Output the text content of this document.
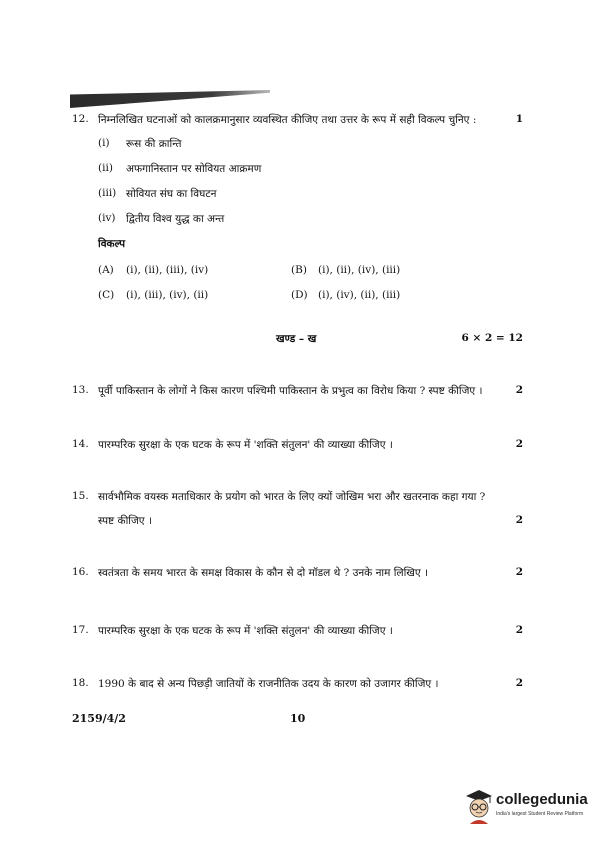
12. निम्नलिखित घटनाओं को कालक्रमानुसार व्यवस्थित कीजिए तथा उत्तर के रूप में सही विकल्प चुनिए :	1
(i) रूस की क्रान्ति
(ii) अफगानिस्तान पर सोवियत आक्रमण
(iii) सोवियत संघ का विघटन
(iv) द्वितीय विश्व युद्ध का अन्त
विकल्प
(A) (i), (ii), (iii), (iv)	(B) (i), (ii), (iv), (iii)
(C) (i), (iii), (iv), (ii)	(D) (i), (iv), (ii), (iii)
खण्ड – ख	6 × 2 = 12
13. पूर्वी पाकिस्तान के लोगों ने किस कारण पश्चिमी पाकिस्तान के प्रभुत्व का विरोध किया ? स्पष्ट कीजिए ।	2
14. पारम्परिक सुरक्षा के एक घटक के रूप में 'शक्ति संतुलन' की व्याख्या कीजिए ।	2
15. सार्वभौमिक वयस्क मताधिकार के प्रयोग को भारत के लिए क्यों जोखिम भरा और खतरनाक कहा गया ?
स्पष्ट कीजिए ।	2
16. स्वतंत्रता के समय भारत के समक्ष विकास के कौन से दो मॉडल थे ? उनके नाम लिखिए ।	2
17. पारम्परिक सुरक्षा के एक घटक के रूप में 'शक्ति संतुलन' की व्याख्या कीजिए ।	2
18. 1990 के बाद से अन्य पिछड़ी जातियों के राजनीतिक उदय के कारण को उजागर कीजिए ।	2
2159/4/2	10
collegedunia
India's largest Student Review Platform
